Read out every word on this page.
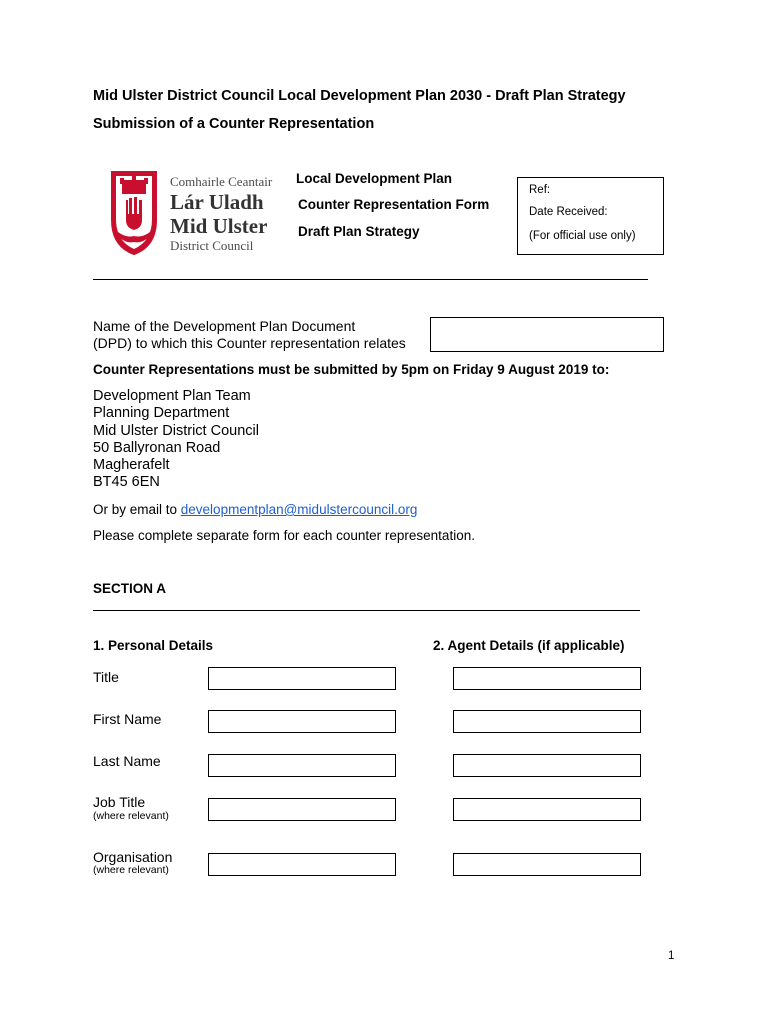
Mid Ulster District Council Local Development Plan 2030 - Draft Plan Strategy
Submission of a Counter Representation
Comhairle Ceantair
Lár Uladh
Mid Ulster
District Council
Local Development Plan
Counter Representation Form
Draft Plan Strategy
Ref:
Date Received:
(For official use only)
Name of the Development Plan Document
(DPD) to which this Counter representation relates
Counter Representations must be submitted by 5pm on Friday 9 August 2019 to:
Development Plan Team
Planning Department
Mid Ulster District Council
50 Ballyronan Road
Magherafelt
BT45 6EN
Or by email to developmentplan@midulstercouncil.org
Please complete separate form for each counter representation.
SECTION A
1. Personal Details	2. Agent Details (if applicable)
Title
First Name
Last Name
Job Title
(where relevant)
Organisation
(where relevant)
1
